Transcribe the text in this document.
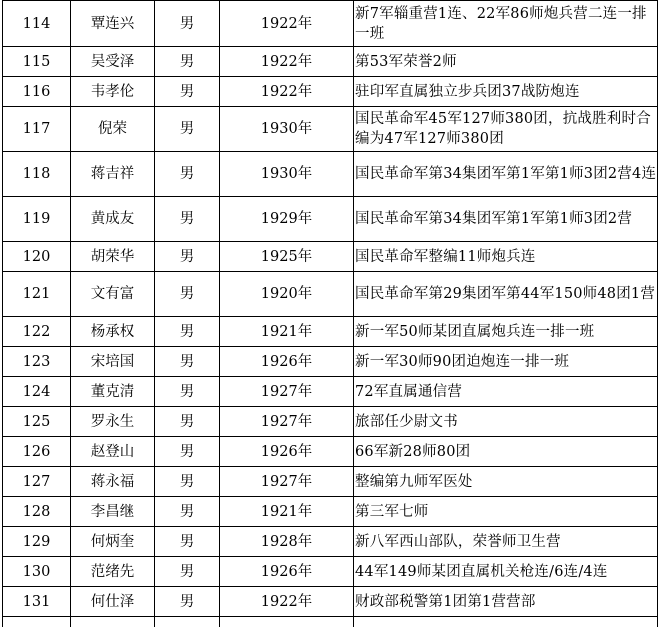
114	覃连兴	男	1922年	新7军辎重营1连、22军86师炮兵营二连一排一班
115	吴受泽	男	1922年	第53军荣誉2师
116	韦孝伦	男	1922年	驻印军直属独立步兵团37战防炮连
117	倪荣	男	1930年	国民革命军45军127师380团，抗战胜利时合编为47军127师380团
118	蒋吉祥	男	1930年	国民革命军第34集团军第1军第1师3团2营4连
119	黄成友	男	1929年	国民革命军第34集团军第1军第1师3团2营
120	胡荣华	男	1925年	国民革命军整编11师炮兵连
121	文有富	男	1920年	国民革命军第29集团军第44军150师48团1营
122	杨承权	男	1921年	新一军50师某团直属炮兵连一排一班
123	宋培国	男	1926年	新一军30师90团迫炮连一排一班
124	董克清	男	1927年	72军直属通信营
125	罗永生	男	1927年	旅部任少尉文书
126	赵登山	男	1926年	66军新28师80团
127	蒋永福	男	1927年	整编第九师军医处
128	李昌继	男	1921年	第三军七师
129	何炳奎	男	1928年	新八军西山部队，荣誉师卫生营
130	范绪先	男	1926年	44军149师某团直属机关枪连/6连/4连
131	何仕泽	男	1922年	财政部税警第1团第1营营部
